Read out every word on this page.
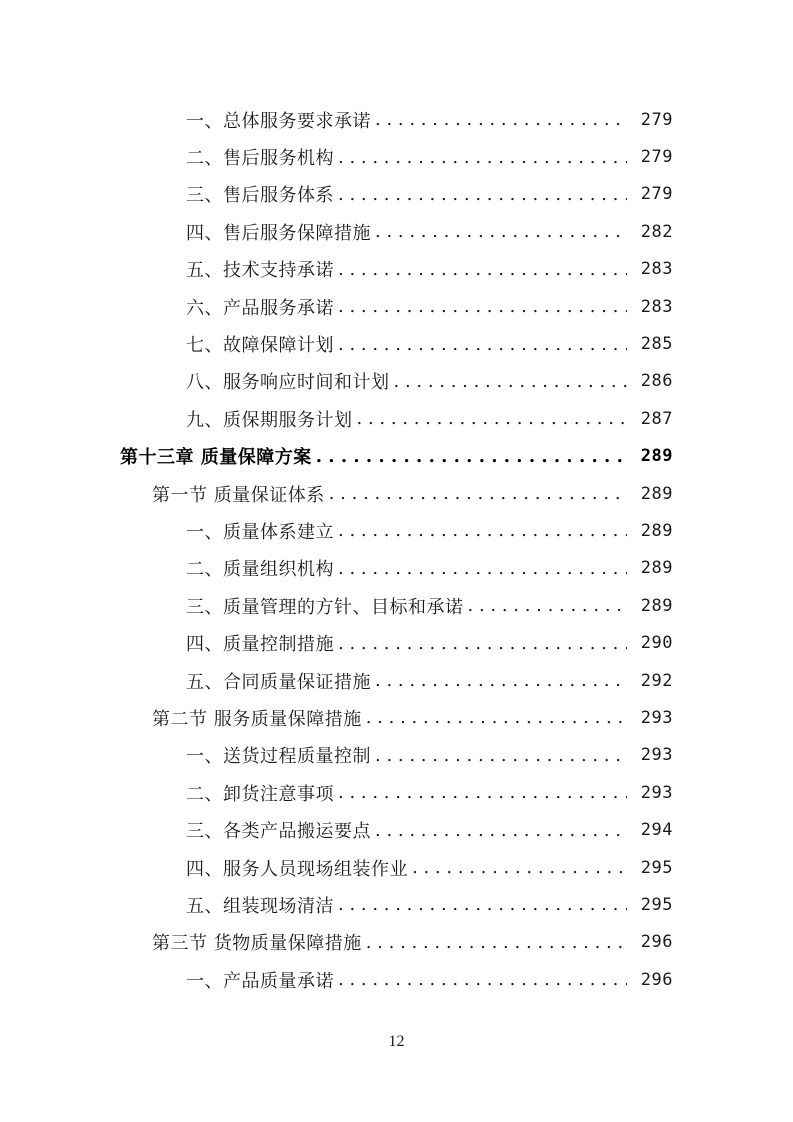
一、总体服务要求承诺 . . .	279
二、售后服务机构 . . .	279
三、售后服务体系 . . .	279
四、售后服务保障措施 . . .	282
五、技术支持承诺 . . .	283
六、产品服务承诺 . . .	283
七、故障保障计划 . . .	285
八、服务响应时间和计划 . . .	286
九、质保期服务计划 . . .	287
第十三章 质量保障方案 . . .	289
第一节 质量保证体系 . . .	289
一、质量体系建立 . . .	289
二、质量组织机构 . . .	289
三、质量管理的方针、目标和承诺 . . .	289
四、质量控制措施 . . .	290
五、合同质量保证措施 . . .	292
第二节 服务质量保障措施 . . .	293
一、送货过程质量控制 . . .	293
二、卸货注意事项 . . .	293
三、各类产品搬运要点 . . .	294
四、服务人员现场组装作业 . . .	295
五、组装现场清洁 . . .	295
第三节 货物质量保障措施 . . .	296
一、产品质量承诺 . . .	296
12
